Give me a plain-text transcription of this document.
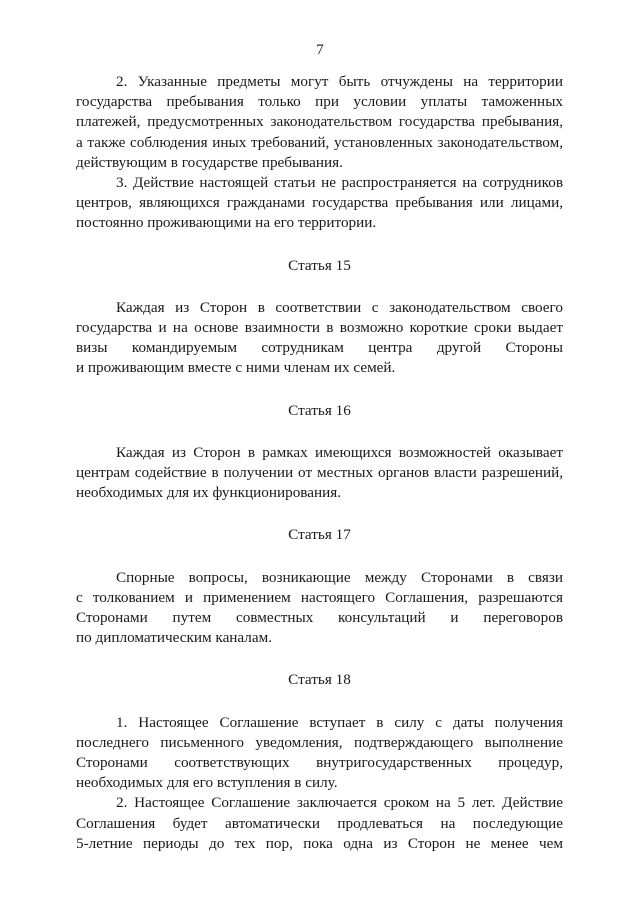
7
2. Указанные предметы могут быть отчуждены на территории
государства пребывания только при условии уплаты таможенных
платежей, предусмотренных законодательством государства пребывания,
а также соблюдения иных требований, установленных законодательством,
действующим в государстве пребывания.
3. Действие настоящей статьи не распространяется на сотрудников
центров, являющихся гражданами государства пребывания или лицами,
постоянно проживающими на его территории.
Статья 15
Каждая из Сторон в соответствии с законодательством своего
государства и на основе взаимности в возможно короткие сроки выдает
визы командируемым сотрудникам центра другой Стороны
и проживающим вместе с ними членам их семей.
Статья 16
Каждая из Сторон в рамках имеющихся возможностей оказывает
центрам содействие в получении от местных органов власти разрешений,
необходимых для их функционирования.
Статья 17
Спорные вопросы, возникающие между Сторонами в связи
с толкованием и применением настоящего Соглашения, разрешаются
Сторонами путем совместных консультаций и переговоров
по дипломатическим каналам.
Статья 18
1. Настоящее Соглашение вступает в силу с даты получения
последнего письменного уведомления, подтверждающего выполнение
Сторонами соответствующих внутригосударственных процедур,
необходимых для его вступления в силу.
2. Настоящее Соглашение заключается сроком на 5 лет. Действие
Соглашения будет автоматически продлеваться на последующие
5-летние периоды до тех пор, пока одна из Сторон не менее чем
